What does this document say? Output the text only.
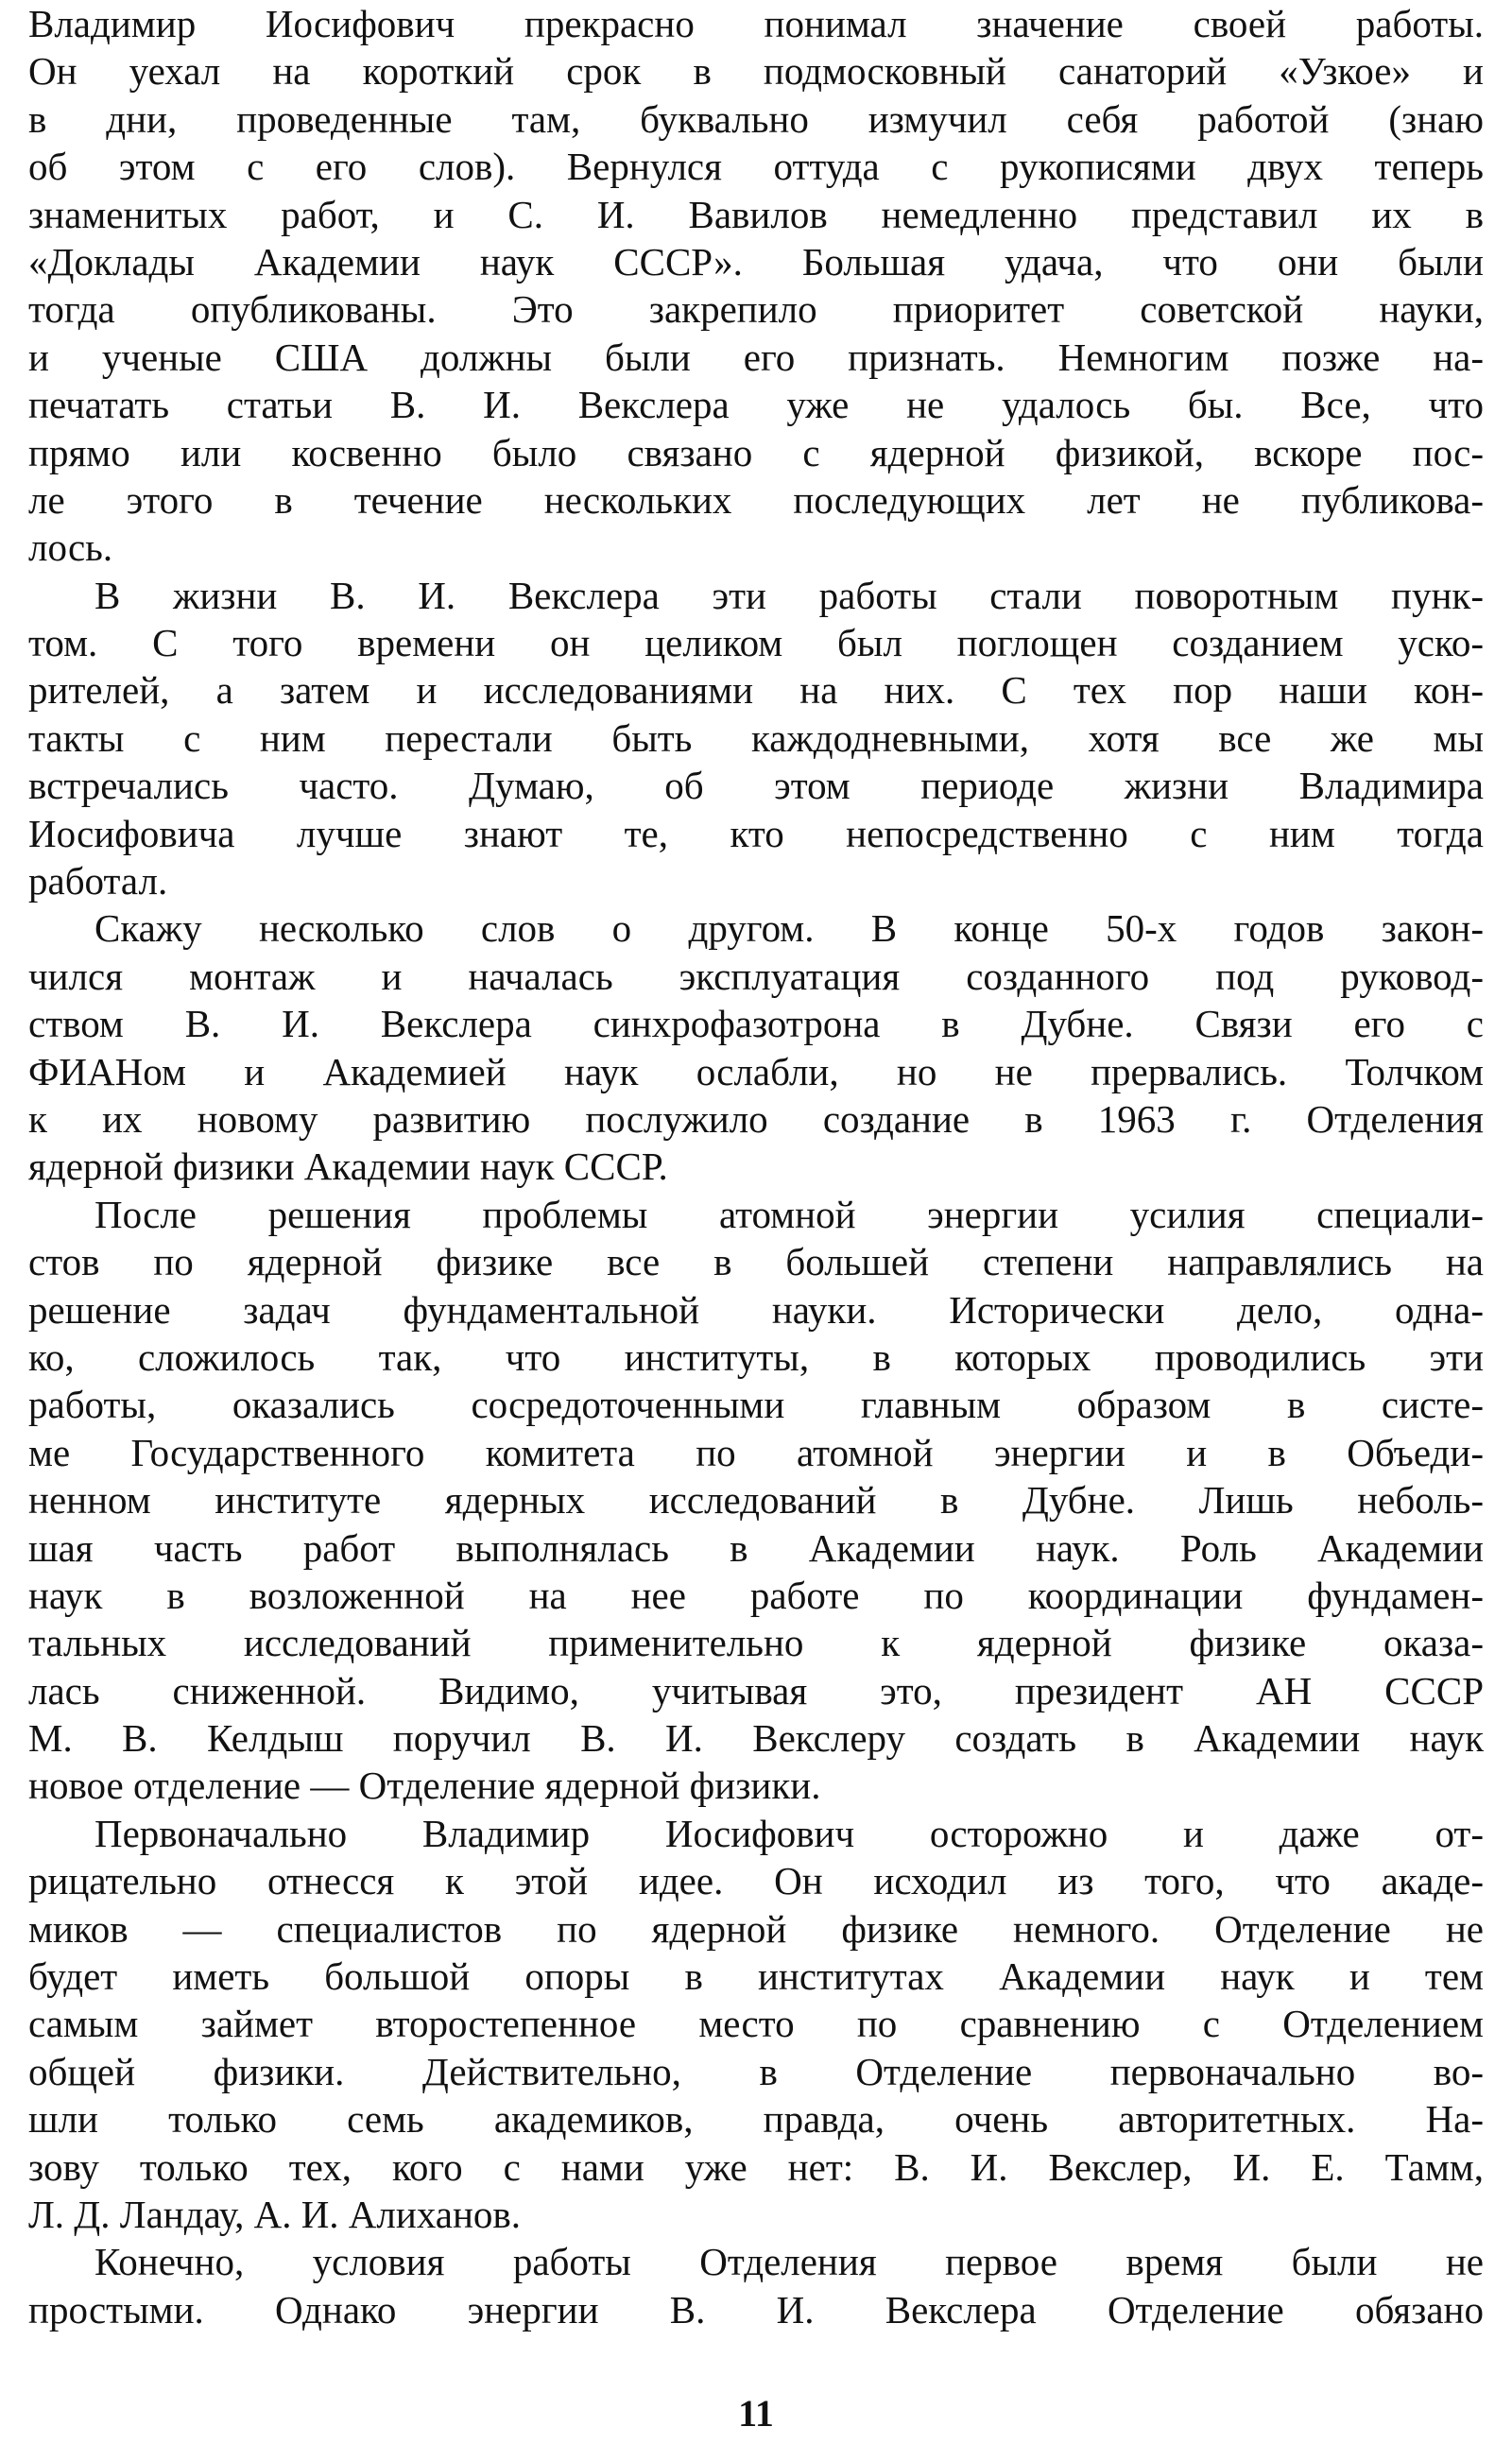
Владимир Иосифович прекрасно понимал значение своей работы.
Он уехал на короткий срок в подмосковный санаторий «Узкое» и
в дни, проведенные там, буквально измучил себя работой (знаю
об этом с его слов). Вернулся оттуда с рукописями двух теперь
знаменитых работ, и С. И. Вавилов немедленно представил их в
«Доклады Академии наук СССР». Большая удача, что они были
тогда опубликованы. Это закрепило приоритет советской науки,
и ученые США должны были его признать. Немногим позже на-
печатать статьи В. И. Векслера уже не удалось бы. Все, что
прямо или косвенно было связано с ядерной физикой, вскоре пос-
ле этого в течение нескольких последующих лет не публикова-
лось.
В жизни В. И. Векслера эти работы стали поворотным пунк-
том. С того времени он целиком был поглощен созданием уско-
рителей, а затем и исследованиями на них. С тех пор наши кон-
такты с ним перестали быть каждодневными, хотя все же мы
встречались часто. Думаю, об этом периоде жизни Владимира
Иосифовича лучше знают те, кто непосредственно с ним тогда
работал.
Скажу несколько слов о другом. В конце 50-х годов закон-
чился монтаж и началась эксплуатация созданного под руковод-
ством В. И. Векслера синхрофазотрона в Дубне. Связи его с
ФИАНом и Академией наук ослабли, но не прервались. Толчком
к их новому развитию послужило создание в 1963 г. Отделения
ядерной физики Академии наук СССР.
После решения проблемы атомной энергии усилия специали-
стов по ядерной физике все в большей степени направлялись на
решение задач фундаментальной науки. Исторически дело, одна-
ко, сложилось так, что институты, в которых проводились эти
работы, оказались сосредоточенными главным образом в систе-
ме Государственного комитета по атомной энергии и в Объеди-
ненном институте ядерных исследований в Дубне. Лишь неболь-
шая часть работ выполнялась в Академии наук. Роль Академии
наук в возложенной на нее работе по координации фундамен-
тальных исследований применительно к ядерной физике оказа-
лась сниженной. Видимо, учитывая это, президент АН СССР
М. В. Келдыш поручил В. И. Векслеру создать в Академии наук
новое отделение — Отделение ядерной физики.
Первоначально Владимир Иосифович осторожно и даже от-
рицательно отнесся к этой идее. Он исходил из того, что акаде-
миков — специалистов по ядерной физике немного. Отделение не
будет иметь большой опоры в институтах Академии наук и тем
самым займет второстепенное место по сравнению с Отделением
общей физики. Действительно, в Отделение первоначально во-
шли только семь академиков, правда, очень авторитетных. На-
зову только тех, кого с нами уже нет: В. И. Векслер, И. Е. Тамм,
Л. Д. Ландау, А. И. Алиханов.
Конечно, условия работы Отделения первое время были не
простыми. Однако энергии В. И. Векслера Отделение обязано
11
